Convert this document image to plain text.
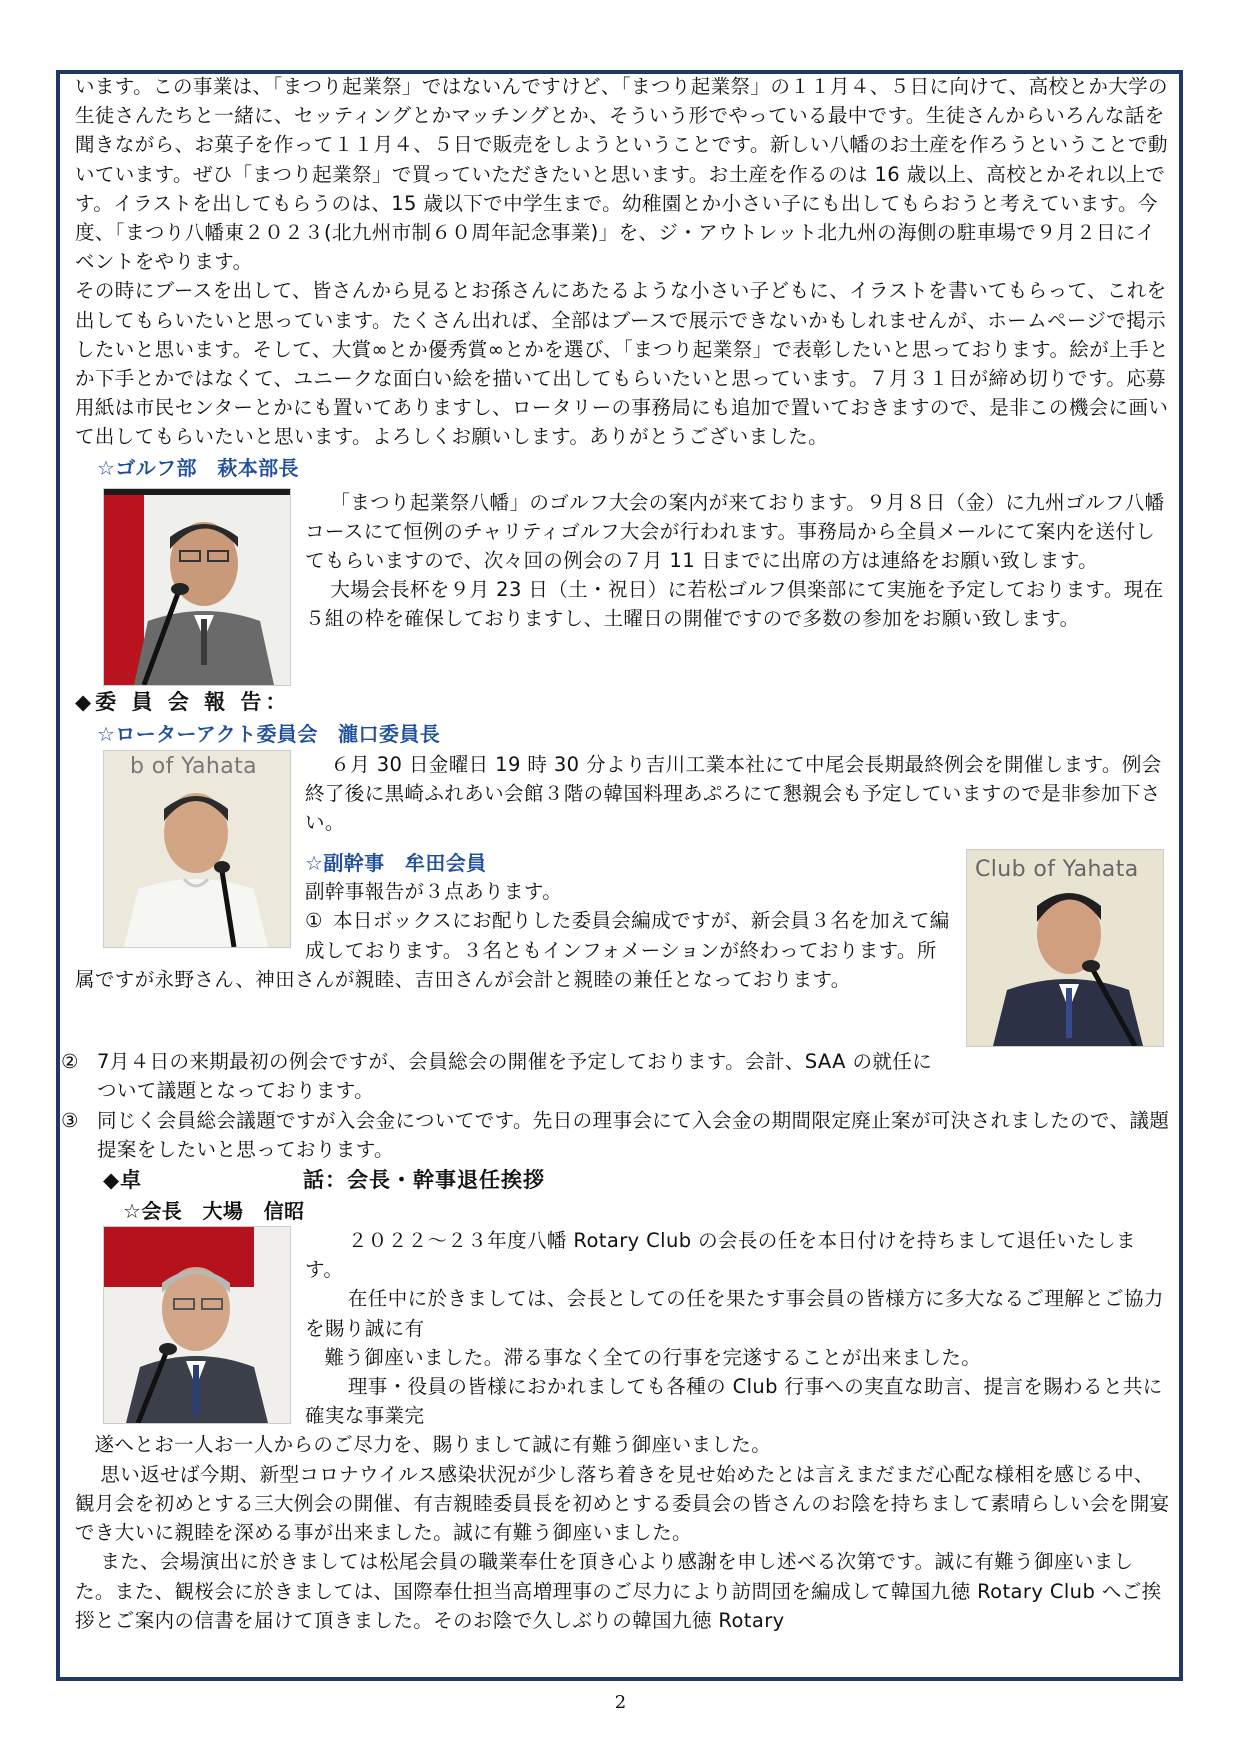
います。この事業は、「まつり起業祭」ではないんですけど、「まつり起業祭」の１１月４、５日に向けて、高校とか大学の生徒さんたちと一緒に、セッティングとかマッチングとか、そういう形でやっている最中です。生徒さんからいろんな話を聞きながら、お菓子を作って１１月４、５日で販売をしようということです。新しい八幡のお土産を作ろうということで動いています。ぜひ「まつり起業祭」で買っていただきたいと思います。お土産を作るのは 16 歳以上、高校とかそれ以上です。イラストを出してもらうのは、15 歳以下で中学生まで。幼稚園とか小さい子にも出してもらおうと考えています。今度、「まつり八幡東２０２３(北九州市制６０周年記念事業)」を、ジ・アウトレット北九州の海側の駐車場で９月２日にイベントをやります。

その時にブースを出して、皆さんから見るとお孫さんにあたるような小さい子どもに、イラストを書いてもらって、これを出してもらいたいと思っています。たくさん出れば、全部はブースで展示できないかもしれませんが、ホームページで掲示したいと思います。そして、大賞∞とか優秀賞∞とかを選び、「まつり起業祭」で表彰したいと思っております。絵が上手とか下手とかではなくて、ユニークな面白い絵を描いて出してもらいたいと思っています。７月３１日が締め切りです。応募用紙は市民センターとかにも置いてありますし、ロータリーの事務局にも追加で置いておきますので、是非この機会に画いて出してもらいたいと思います。よろしくお願いします。ありがとうございました。

☆ゴルフ部　萩本部長

「まつり起業祭八幡」のゴルフ大会の案内が来ております。９月８日（金）に九州ゴルフ八幡コースにて恒例のチャリティゴルフ大会が行われます。事務局から全員メールにて案内を送付してもらいますので、次々回の例会の７月 11 日までに出席の方は連絡をお願い致します。

大場会長杯を９月 23 日（土・祝日）に若松ゴルフ倶楽部にて実施を予定しております。現在５組の枠を確保しておりますし、土曜日の開催ですので多数の参加をお願い致します。

◆委 員 会 報 告：
☆ローターアクト委員会　瀧口委員長
b of Yahata	６月 30 日金曜日 19 時 30 分より吉川工業本社にて中尾会長期最終例会を開催します。例会終了後に黒崎ふれあい会館３階の韓国料理あぷろにて懇親会も予定していますので是非参加下さい。

Club of Yahata
☆副幹事　牟田会員

副幹事報告が３点あります。

① 本日ボックスにお配りした委員会編成ですが、新会員３名を加えて編成しております。３名ともインフォメーションが終わっております。所属ですが永野さん、神田さんが親睦、吉田さんが会計と親睦の兼任となっております。
② 7月４日の来期最初の例会ですが、会員総会の開催を予定しております。会計、SAA の就任について議題となっております。
③ 同じく会員総会議題ですが入会金についてです。先日の理事会にて入会金の期間限定廃止案が可決されましたので、議題提案をしたいと思っております。
◆卓	話：会長・幹事退任挨拶
☆会長　大場　信昭

２０２２～２３年度八幡 Rotary Club の会長の任を本日付けを持ちまして退任いたします。

在任中に於きましては、会長としての任を果たす事会員の皆様方に多大なるご理解とご協力を賜り誠に有

難う御座いました。滞る事なく全ての行事を完遂することが出来ました。

理事・役員の皆様におかれましても各種の Club 行事への実直な助言、提言を賜わると共に確実な事業完

遂へとお一人お一人からのご尽力を、賜りまして誠に有難う御座いました。

思い返せば今期、新型コロナウイルス感染状況が少し落ち着きを見せ始めたとは言えまだまだ心配な様相を感じる中、観月会を初めとする三大例会の開催、有吉親睦委員長を初めとする委員会の皆さんのお陰を持ちまして素晴らしい会を開宴でき大いに親睦を深める事が出来ました。誠に有難う御座いました。

また、会場演出に於きましては松尾会員の職業奉仕を頂き心より感謝を申し述べる次第です。誠に有難う御座いました。また、観桜会に於きましては、国際奉仕担当高増理事のご尽力により訪問団を編成して韓国九徳 Rotary Club へご挨拶とご案内の信書を届けて頂きました。そのお陰で久しぶりの韓国九徳 Rotary

2
